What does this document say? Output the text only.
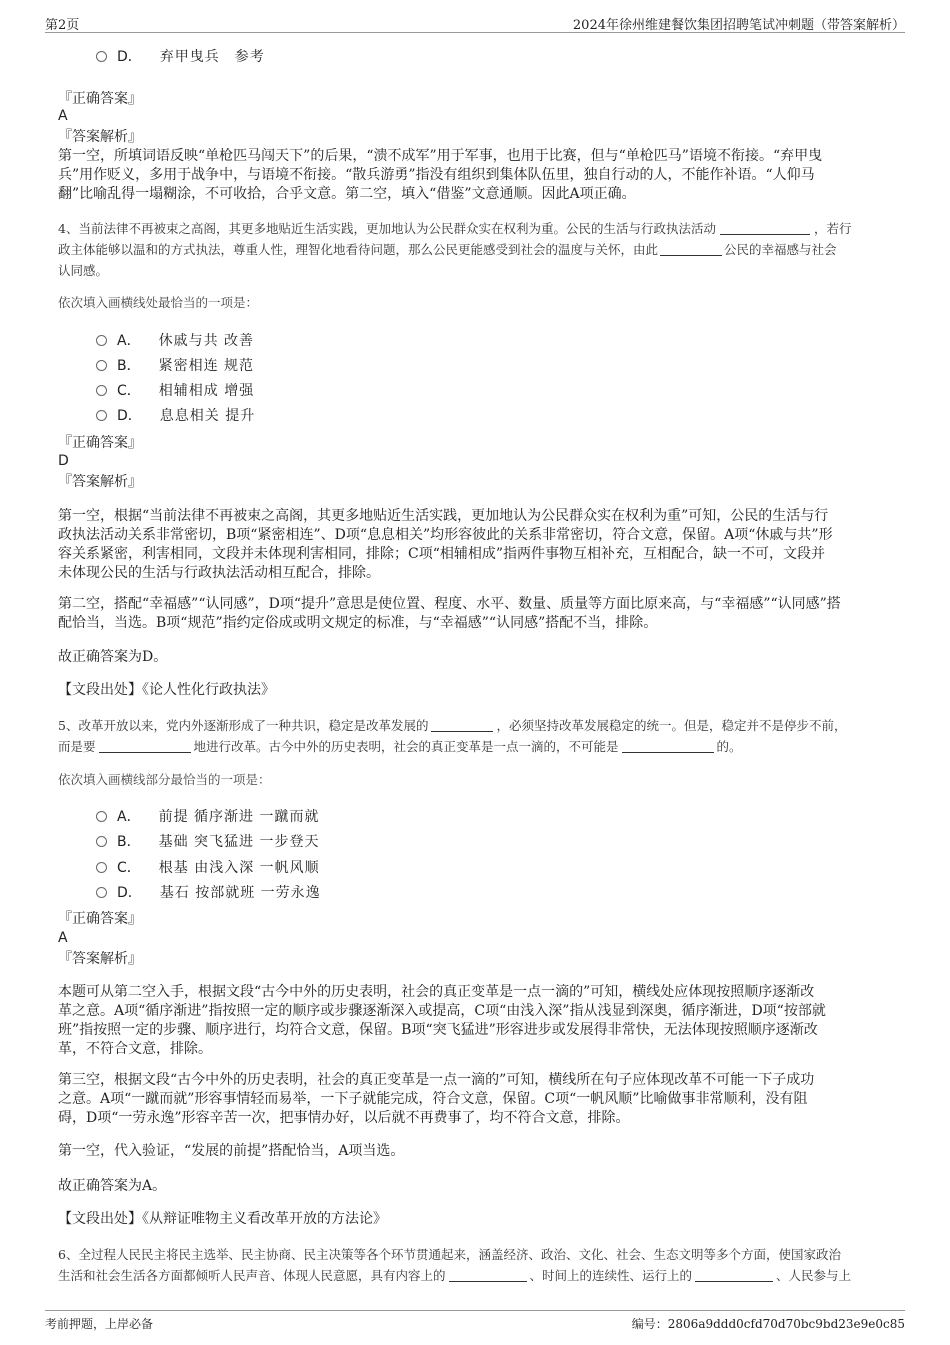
第2页	2024年徐州维建餐饮集团招聘笔试冲刺题（带答案解析）
D． 弃甲曳兵　参考
『正确答案』
A
『答案解析』
第一空，所填词语反映“单枪匹马闯天下”的后果，“溃不成军”用于军事，也用于比赛，但与“单枪匹马”语境不衔接。“弃甲曳
兵”用作贬义，多用于战争中，与语境不衔接。“散兵游勇”指没有组织到集体队伍里，独自行动的人，不能作补语。“人仰马
翻”比喻乱得一塌糊涂，不可收拾，合乎文意。第二空，填入“借鉴”文意通顺。因此A项正确。
4、当前法律不再被束之高阁，其更多地贴近生活实践，更加地认为公民群众实在权利为重。公民的生活与行政执法活动	，若行
政主体能够以温和的方式执法，尊重人性，理智化地看待问题，那么公民更能感受到社会的温度与关怀，由此	公民的幸福感与社会
认同感。
依次填入画横线处最恰当的一项是：
A． 休戚与共 改善
B． 紧密相连 规范
C． 相辅相成 增强
D． 息息相关 提升
『正确答案』
D
『答案解析』
第一空，根据“当前法律不再被束之高阁，其更多地贴近生活实践，更加地认为公民群众实在权利为重”可知，公民的生活与行
政执法活动关系非常密切，B项“紧密相连”、D项“息息相关”均形容彼此的关系非常密切，符合文意，保留。A项“休戚与共”形
容关系紧密，利害相同，文段并未体现利害相同，排除；C项“相辅相成”指两件事物互相补充，互相配合，缺一不可，文段并
未体现公民的生活与行政执法活动相互配合，排除。
第二空，搭配“幸福感”“认同感”，D项“提升”意思是使位置、程度、水平、数量、质量等方面比原来高，与“幸福感”“认同感”搭
配恰当，当选。B项“规范”指约定俗成或明文规定的标准，与“幸福感”“认同感”搭配不当，排除。
故正确答案为D。
【文段出处】《论人性化行政执法》
5、改革开放以来，党内外逐渐形成了一种共识，稳定是改革发展的	，必须坚持改革发展稳定的统一。但是，稳定并不是停步不前，
而是要	地进行改革。古今中外的历史表明，社会的真正变革是一点一滴的，不可能是	的。
依次填入画横线部分最恰当的一项是：
A． 前提 循序渐进 一蹴而就
B． 基础 突飞猛进 一步登天
C． 根基 由浅入深 一帆风顺
D． 基石 按部就班 一劳永逸
『正确答案』
A
『答案解析』
本题可从第二空入手，根据文段“古今中外的历史表明，社会的真正变革是一点一滴的”可知，横线处应体现按照顺序逐渐改
革之意。A项“循序渐进”指按照一定的顺序或步骤逐渐深入或提高，C项“由浅入深”指从浅显到深奥，循序渐进，D项“按部就
班”指按照一定的步骤、顺序进行，均符合文意，保留。B项“突飞猛进”形容进步或发展得非常快，无法体现按照顺序逐渐改
革，不符合文意，排除。
第三空，根据文段“古今中外的历史表明，社会的真正变革是一点一滴的”可知，横线所在句子应体现改革不可能一下子成功
之意。A项“一蹴而就”形容事情轻而易举，一下子就能完成，符合文意，保留。C项“一帆风顺”比喻做事非常顺利，没有阻
碍，D项“一劳永逸”形容辛苦一次，把事情办好，以后就不再费事了，均不符合文意，排除。
第一空，代入验证，“发展的前提”搭配恰当，A项当选。
故正确答案为A。
【文段出处】《从辩证唯物主义看改革开放的方法论》
6、全过程人民民主将民主选举、民主协商、民主决策等各个环节贯通起来，涵盖经济、政治、文化、社会、生态文明等多个方面，使国家政治
生活和社会生活各方面都倾听人民声音、体现人民意愿，具有内容上的	、时间上的连续性、运行上的	、人民参与上
考前押题，上岸必备	编号：2806a9ddd0cfd70d70bc9bd23e9e0c85
